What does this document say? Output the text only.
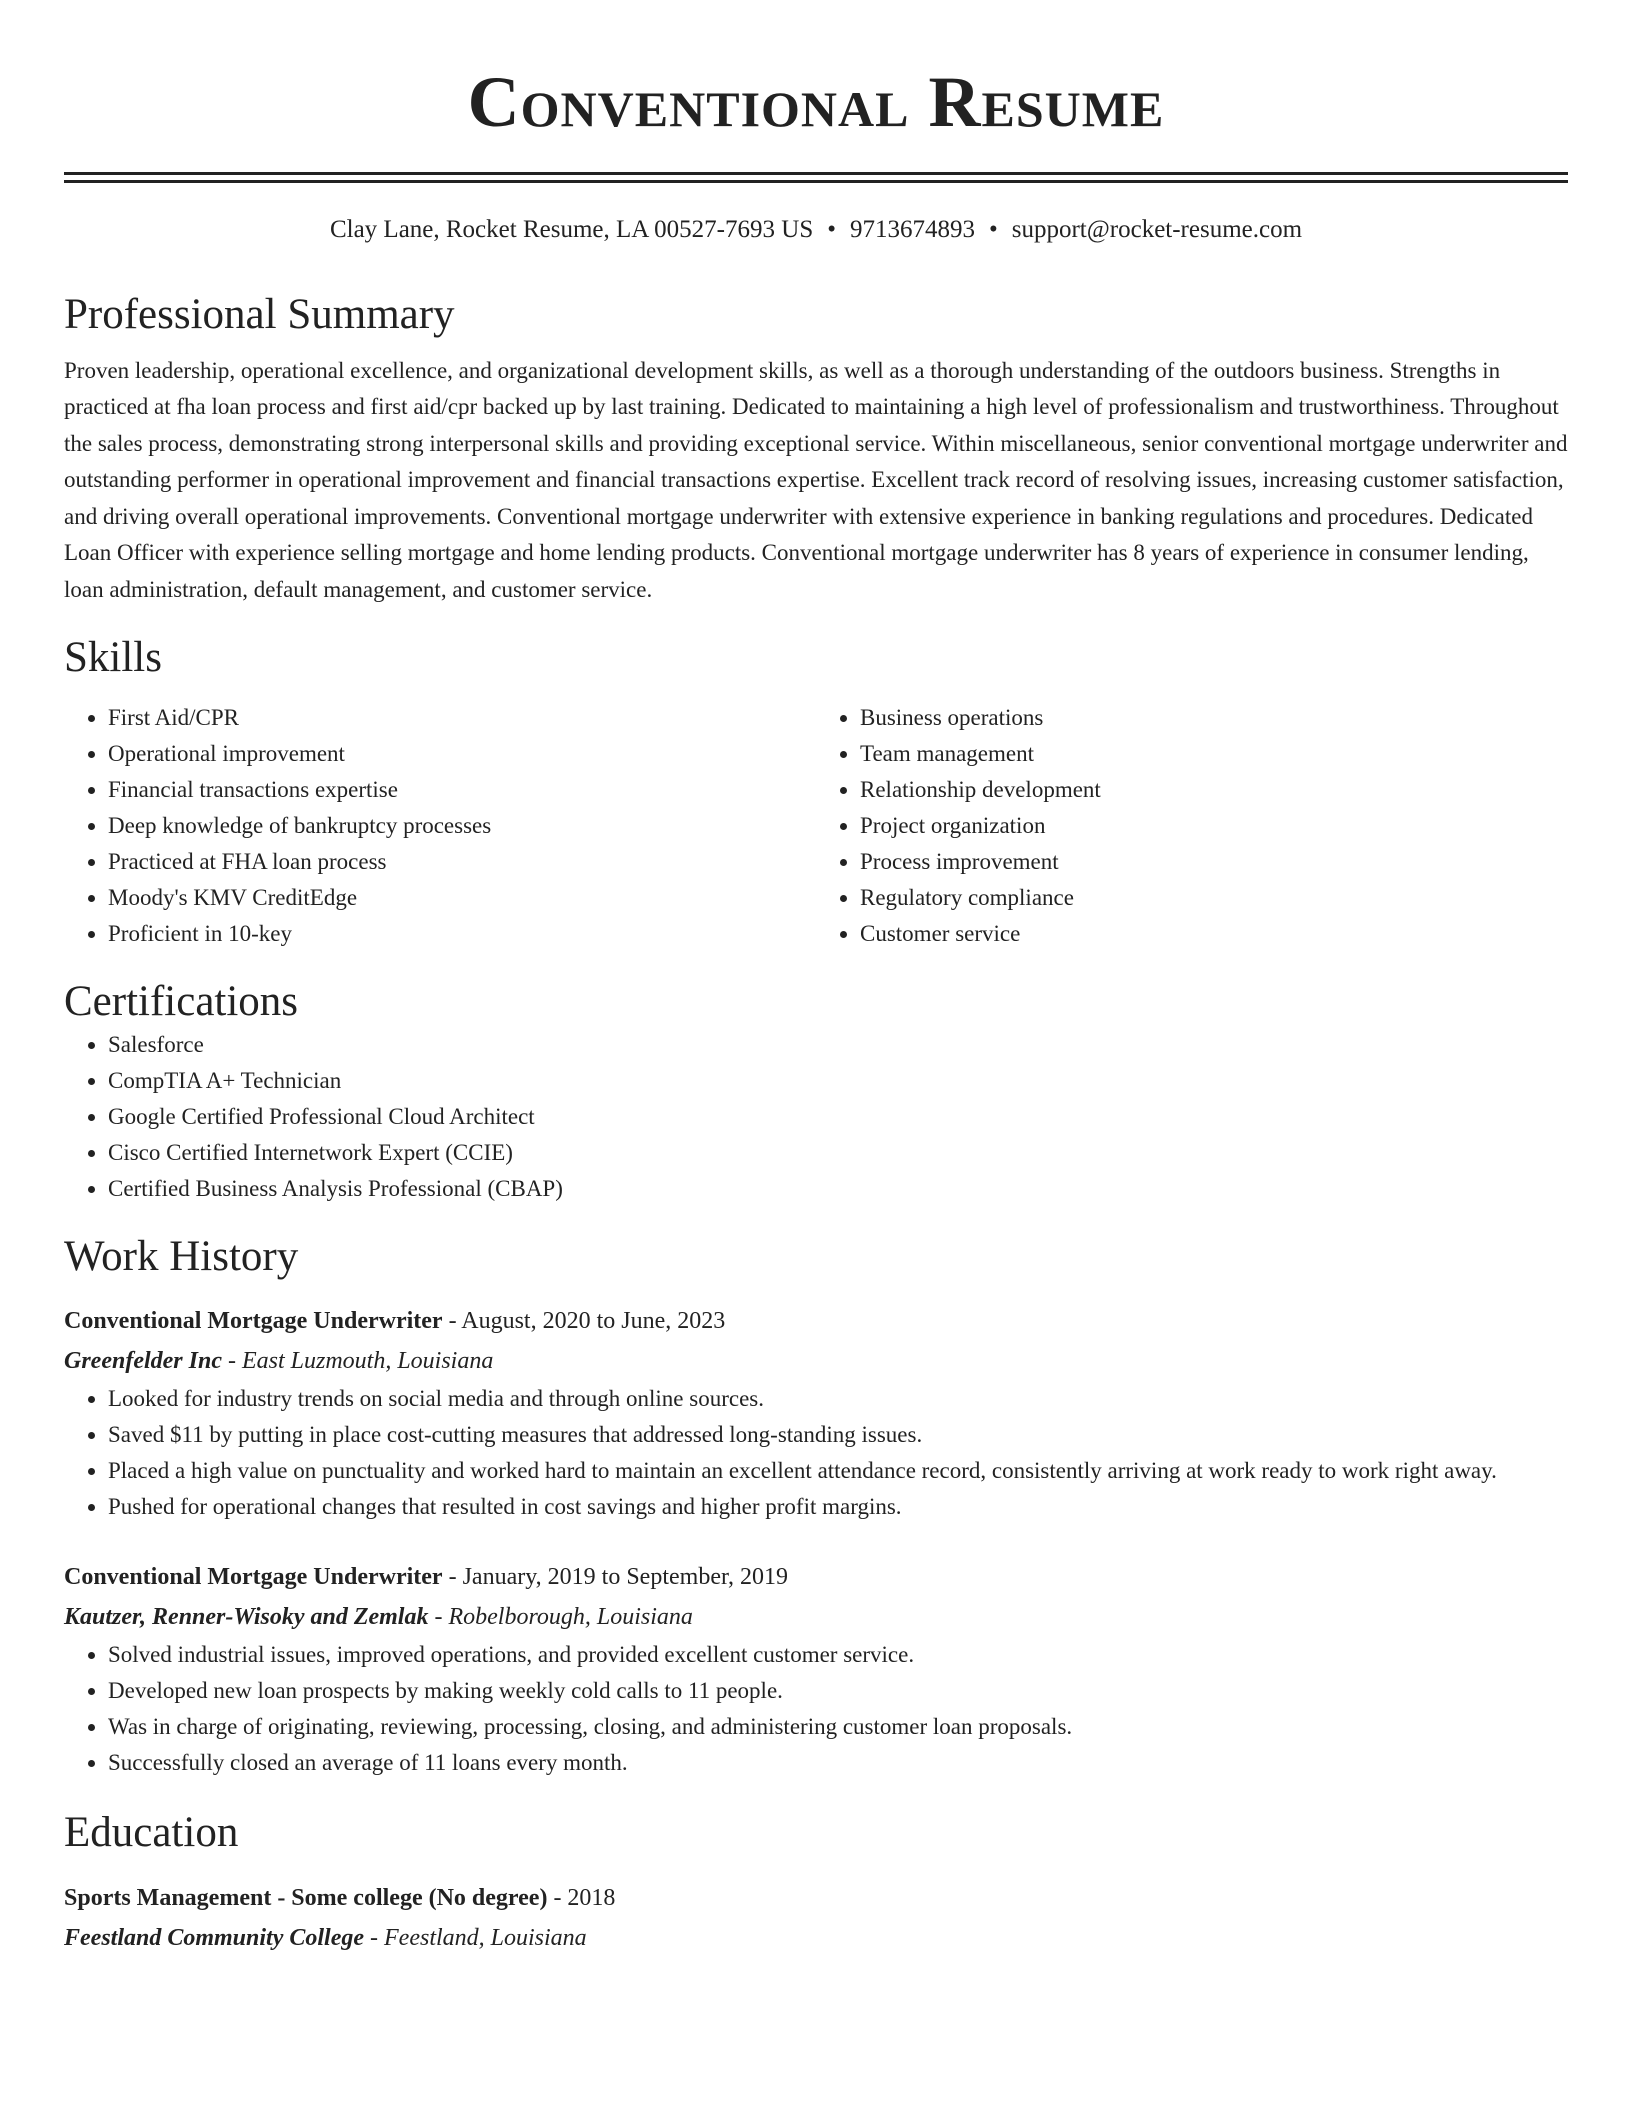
Conventional Resume
Clay Lane, Rocket Resume, LA 00527-7693 US • 9713674893 • support@rocket-resume.com
Professional Summary
Proven leadership, operational excellence, and organizational development skills, as well as a thorough understanding of the outdoors business. Strengths in practiced at fha loan process and first aid/cpr backed up by last training. Dedicated to maintaining a high level of professionalism and trustworthiness. Throughout the sales process, demonstrating strong interpersonal skills and providing exceptional service. Within miscellaneous, senior conventional mortgage underwriter and outstanding performer in operational improvement and financial transactions expertise. Excellent track record of resolving issues, increasing customer satisfaction, and driving overall operational improvements. Conventional mortgage underwriter with extensive experience in banking regulations and procedures. Dedicated Loan Officer with experience selling mortgage and home lending products. Conventional mortgage underwriter has 8 years of experience in consumer lending, loan administration, default management, and customer service.
Skills
• First Aid/CPR
• Operational improvement
• Financial transactions expertise
• Deep knowledge of bankruptcy processes
• Practiced at FHA loan process
• Moody's KMV CreditEdge
• Proficient in 10-key
• Business operations
• Team management
• Relationship development
• Project organization
• Process improvement
• Regulatory compliance
• Customer service
Certifications
• Salesforce
• CompTIA A+ Technician
• Google Certified Professional Cloud Architect
• Cisco Certified Internetwork Expert (CCIE)
• Certified Business Analysis Professional (CBAP)
Work History
Conventional Mortgage Underwriter - August, 2020 to June, 2023
Greenfelder Inc - East Luzmouth, Louisiana
• Looked for industry trends on social media and through online sources.
• Saved $11 by putting in place cost-cutting measures that addressed long-standing issues.
• Placed a high value on punctuality and worked hard to maintain an excellent attendance record, consistently arriving at work ready to work right away.
• Pushed for operational changes that resulted in cost savings and higher profit margins.
Conventional Mortgage Underwriter - January, 2019 to September, 2019
Kautzer, Renner-Wisoky and Zemlak - Robelborough, Louisiana
• Solved industrial issues, improved operations, and provided excellent customer service.
• Developed new loan prospects by making weekly cold calls to 11 people.
• Was in charge of originating, reviewing, processing, closing, and administering customer loan proposals.
• Successfully closed an average of 11 loans every month.
Education
Sports Management - Some college (No degree) - 2018
Feestland Community College - Feestland, Louisiana
